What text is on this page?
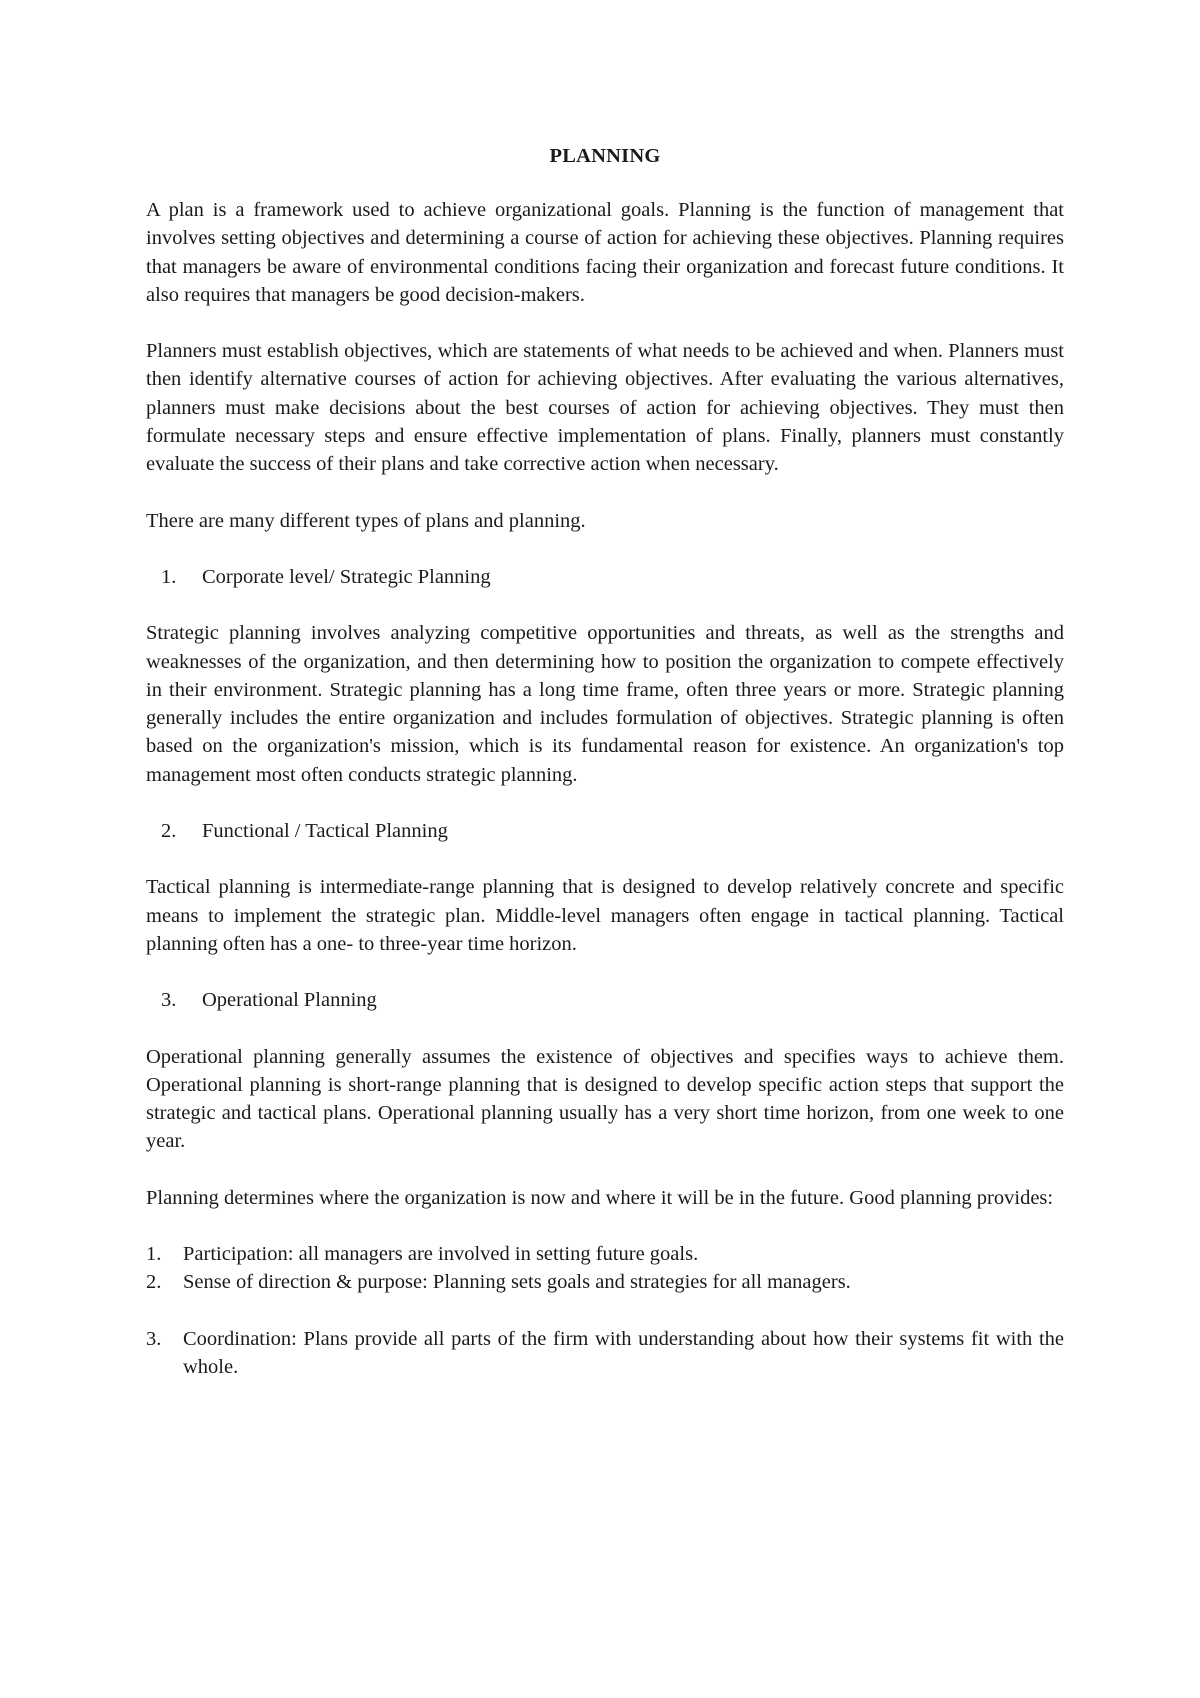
PLANNING

A plan is a framework used to achieve organizational goals. Planning is the function of management that involves setting objectives and determining a course of action for achieving these objectives. Planning requires that managers be aware of environmental conditions facing their organization and forecast future conditions. It also requires that managers be good decision-makers.

Planners must establish objectives, which are statements of what needs to be achieved and when. Planners must then identify alternative courses of action for achieving objectives. After evaluating the various alternatives, planners must make decisions about the best courses of action for achieving objectives. They must then formulate necessary steps and ensure effective implementation of plans. Finally, planners must constantly evaluate the success of their plans and take corrective action when necessary.

There are many different types of plans and planning.

1.	Corporate level/ Strategic Planning

Strategic planning involves analyzing competitive opportunities and threats, as well as the strengths and weaknesses of the organization, and then determining how to position the organization to compete effectively in their environment. Strategic planning has a long time frame, often three years or more. Strategic planning generally includes the entire organization and includes formulation of objectives. Strategic planning is often based on the organization's mission, which is its fundamental reason for existence. An organization's top management most often conducts strategic planning.

2.	Functional / Tactical Planning

Tactical planning is intermediate-range planning that is designed to develop relatively concrete and specific means to implement the strategic plan. Middle-level managers often engage in tactical planning. Tactical planning often has a one- to three-year time horizon.

3.	Operational Planning

Operational planning generally assumes the existence of objectives and specifies ways to achieve them. Operational planning is short-range planning that is designed to develop specific action steps that support the strategic and tactical plans. Operational planning usually has a very short time horizon, from one week to one year.

Planning determines where the organization is now and where it will be in the future. Good planning provides:

1.	Participation: all managers are involved in setting future goals.
2.	Sense of direction & purpose: Planning sets goals and strategies for all managers.
3.	Coordination: Plans provide all parts of the firm with understanding about how their systems fit with the whole.
